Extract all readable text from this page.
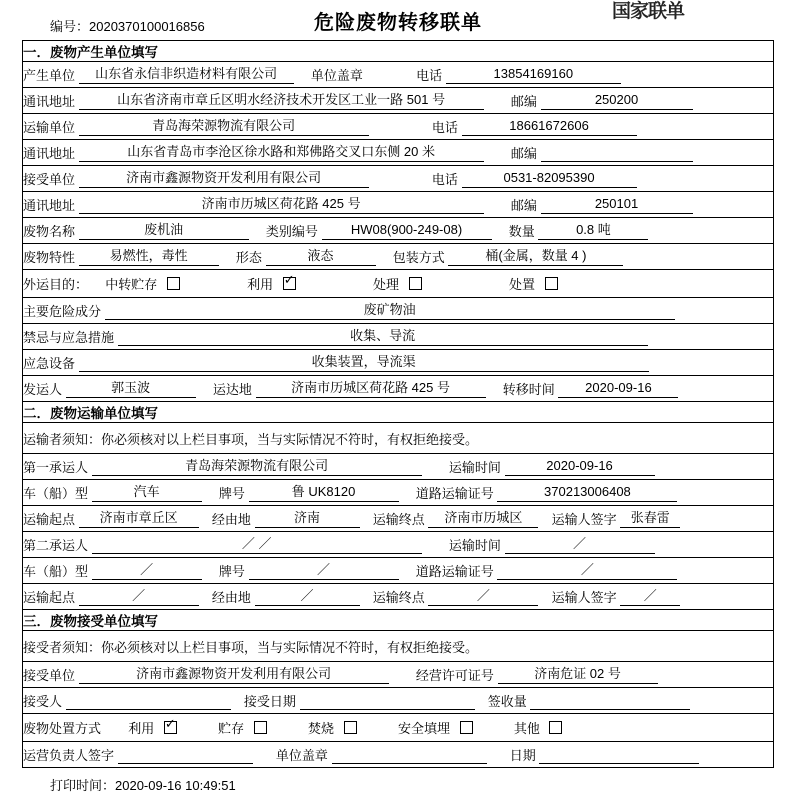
编号：2020370100016856	危险废物转移联单
国家联单
一．废物产生单位填写
产生单位 山东省永信非织造材料有限公司	单位盖章	电话	13854169160
通讯地址	山东省济南市章丘区明水经济技术开发区工业一路 501 号	邮编	250200
运输单位	青岛海荣源物流有限公司	电话	18661672606
通讯地址	山东省青岛市李沧区徐水路和郑佛路交叉口东侧 20 米	邮编
接受单位	济南市鑫源物资开发利用有限公司	电话	0531-82095390
通讯地址	济南市历城区荷花路 425 号	邮编	250101
废物名称	废机油	类别编号	HW08(900-249-08)	数量	0.8 吨
废物特性	易燃性，毒性	形态	液态	包装方式	桶(金属，数量 4 )
外运目的： 中转贮存	利用 ✓	处理	处置
主要危险成分	废矿物油
禁忌与应急措施	收集、导流
应急设备	收集装置，导流渠
发运人	郭玉波	运达地	济南市历城区荷花路 425 号	转移时间 2020-09-16
二．废物运输单位填写
运输者须知：你必须核对以上栏目事项，当与实际情况不符时，有权拒绝接受。
第一承运人	青岛海荣源物流有限公司	运输时间	2020-09-16
车（船）型	汽车	牌号	鲁 UK8120	道路运输证号	370213006408
运输起点 济南市章丘区	经由地	济南	运输终点 济南市历城区 运输人签字 张春雷
第二承运人	／ ／	运输时间	／
车（船）型	／	牌号	／	道路运输证号	／
运输起点	／	经由地	／	运输终点	／	运输人签字 ／
三．废物接受单位填写
接受者须知：你必须核对以上栏目事项，当与实际情况不符时，有权拒绝接受。
接受单位	济南市鑫源物资开发利用有限公司	经营许可证号	济南危证 02 号
接受人	接受日期	签收量
废物处置方式 利用 ✓	贮存	焚烧	安全填埋	其他
运营负责人签字	单位盖章	日期
打印时间：2020-09-16 10:49:51
